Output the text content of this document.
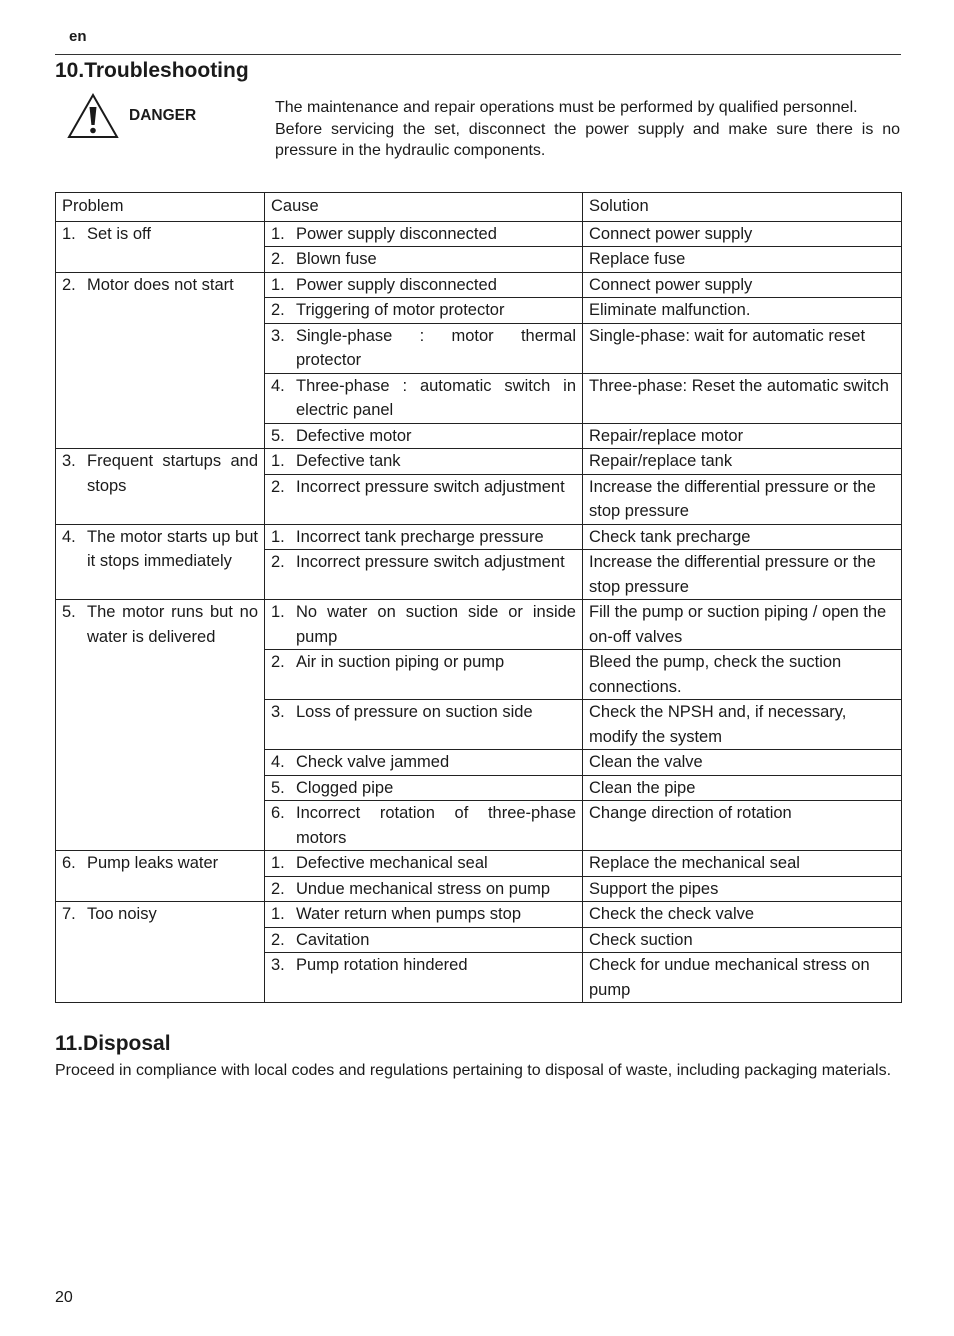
en
10.Troubleshooting
DANGER	The maintenance and repair operations must be performed by qualified personnel.

Before servicing the set, disconnect the power supply and make sure there is no pressure in the hydraulic components.

Problem	Cause	Solution

1. Set is off	1. Power supply disconnected	Connect power supply

	2. Blown fuse	Replace fuse

2. Motor does not start	1. Power supply disconnected	Connect power supply

	2. Triggering of motor protector	Eliminate malfunction.

	3. Single-phase : motor thermal protector	Single-phase: wait for automatic reset

	4. Three-phase : automatic switch in electric panel	Three-phase: Reset the automatic switch

	5. Defective motor	Repair/replace motor

3. Frequent startups and stops	1. Defective tank	Repair/replace tank

	2. Incorrect pressure switch adjustment	Increase the differential pressure or the stop pressure

4. The motor starts up but it stops immediately	1. Incorrect tank precharge pressure	Check tank precharge

	2. Incorrect pressure switch adjustment	Increase the differential pressure or the stop pressure

5. The motor runs but no water is delivered	1. No water on suction side or inside pump	Fill the pump or suction piping / open the on-off valves

	2. Air in suction piping or pump	Bleed the pump, check the suction connections.

	3. Loss of pressure on suction side	Check the NPSH and, if necessary, modify the system

	4. Check valve jammed	Clean the valve

	5. Clogged pipe	Clean the pipe

	6. Incorrect rotation of three-phase motors	Change direction of rotation

6. Pump leaks water	1. Defective mechanical seal	Replace the mechanical seal

	2. Undue mechanical stress on pump	Support the pipes

7. Too noisy	1. Water return when pumps stop	Check the check valve

	2. Cavitation	Check suction

	3. Pump rotation hindered	Check for undue mechanical stress on pump
11.Disposal

Proceed in compliance with local codes and regulations pertaining to disposal of waste, including packaging materials.

20
